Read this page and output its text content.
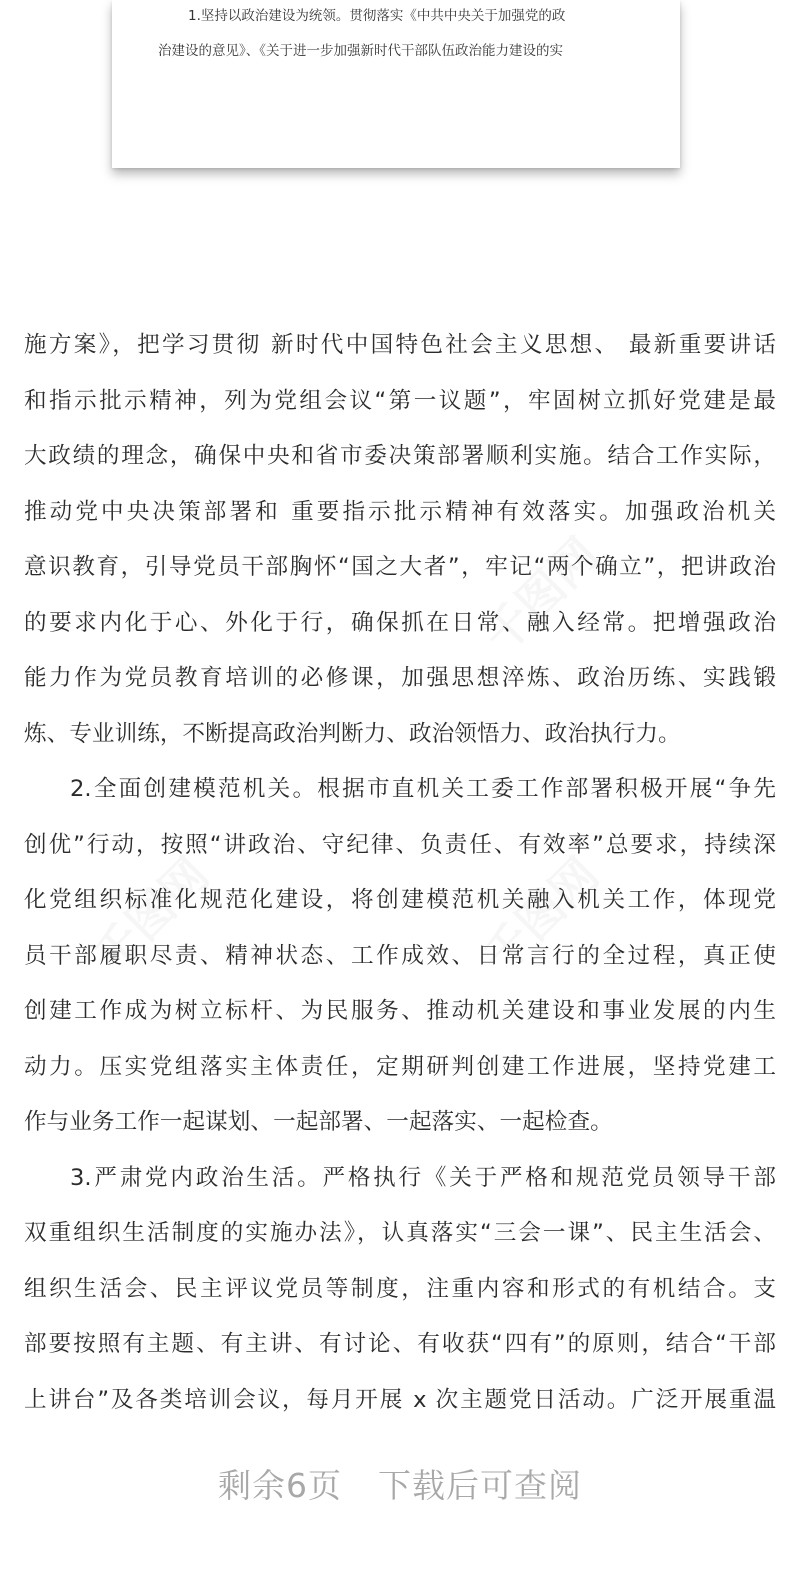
1.坚持以政治建设为统领。贯彻落实《中共中央关于加强党的政
治建设的意见》、《关于进一步加强新时代干部队伍政治能力建设的实
施方案》，把学习贯彻 新时代中国特色社会主义思想、 最新重要讲话
和指示批示精神，列为党组会议“第一议题”，牢固树立抓好党建是最
大政绩的理念，确保中央和省市委决策部署顺利实施。结合工作实际，
推动党中央决策部署和 重要指示批示精神有效落实。加强政治机关
意识教育，引导党员干部胸怀“国之大者”，牢记“两个确立”，把讲政治
的要求内化于心、外化于行，确保抓在日常、融入经常。把增强政治
能力作为党员教育培训的必修课，加强思想淬炼、政治历练、实践锻
炼、专业训练，不断提高政治判断力、政治领悟力、政治执行力。
2.全面创建模范机关。根据市直机关工委工作部署积极开展“争先
创优”行动，按照“讲政治、守纪律、负责任、有效率”总要求，持续深
化党组织标准化规范化建设，将创建模范机关融入机关工作，体现党
员干部履职尽责、精神状态、工作成效、日常言行的全过程，真正使
创建工作成为树立标杆、为民服务、推动机关建设和事业发展的内生
动力。压实党组落实主体责任，定期研判创建工作进展，坚持党建工
作与业务工作一起谋划、一起部署、一起落实、一起检查。
3.严肃党内政治生活。严格执行《关于严格和规范党员领导干部
双重组织生活制度的实施办法》，认真落实“三会一课”、民主生活会、
组织生活会、民主评议党员等制度，注重内容和形式的有机结合。支
部要按照有主题、有主讲、有讨论、有收获“四有”的原则，结合“干部
上讲台”及各类培训会议，每月开展 x 次主题党日活动。广泛开展重温
剩余6页 下载后可查阅
